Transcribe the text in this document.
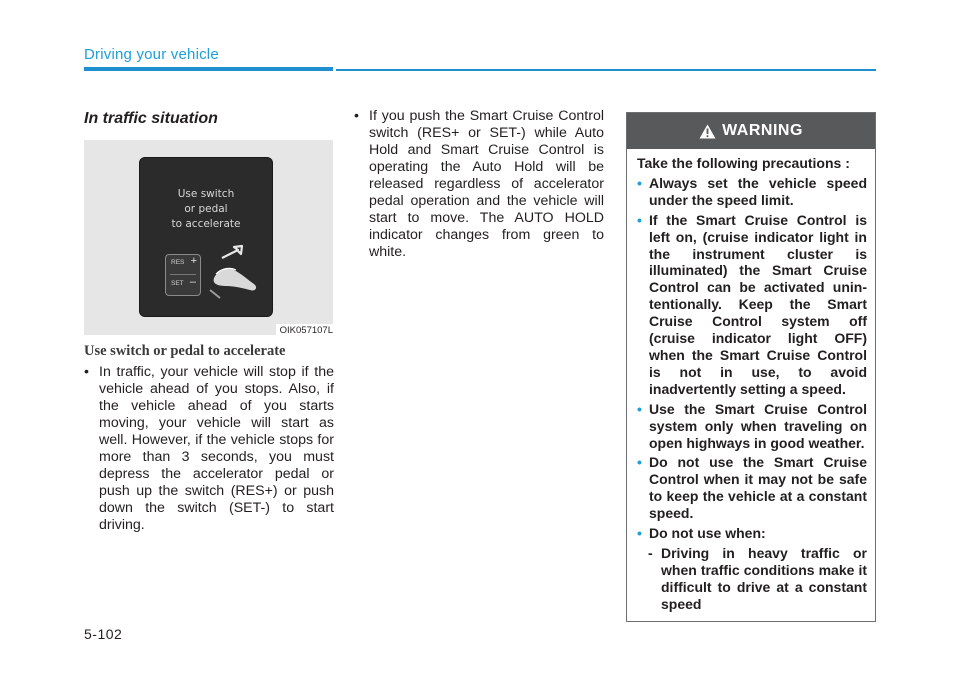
Driving your vehicle
In traffic situation
Use switch
or pedal
to accelerate
RES +
SET –
OIK057107L
Use switch or pedal to accelerate
• In traffic, your vehicle will stop if the vehicle ahead of you stops. Also, if the vehicle ahead of you starts moving, your vehicle will start as well. However, if the vehicle stops for more than 3 seconds, you must depress the accelerator pedal or push up the switch (RES+) or push down the switch (SET-) to start driving.
• If you push the Smart Cruise Control switch (RES+ or SET-) while Auto Hold and Smart Cruise Control is operating the Auto Hold will be released regardless of accelerator pedal operation and the vehicle will start to move. The AUTO HOLD indicator changes from green to white.
WARNING
Take the following precautions :
• Always set the vehicle speed under the speed limit.
• If the Smart Cruise Control is left on, (cruise indicator light in the instrument cluster is illuminated) the Smart Cruise Control can be activated unin-tentionally. Keep the Smart Cruise Control system off (cruise indicator light OFF) when the Smart Cruise Control is not in use, to avoid inadvertently setting a speed.
• Use the Smart Cruise Control system only when traveling on open highways in good weather.
• Do not use the Smart Cruise Control when it may not be safe to keep the vehicle at a constant speed.
• Do not use when:
- Driving in heavy traffic or when traffic conditions make it difficult to drive at a constant speed
5-102
